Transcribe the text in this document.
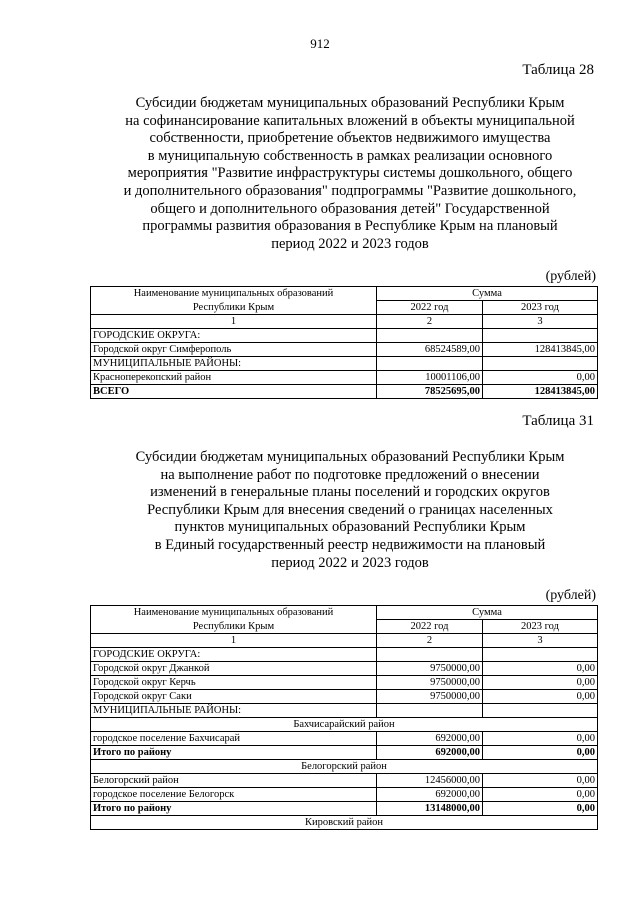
912
Таблица 28
Субсидии бюджетам муниципальных образований Республики Крым
на софинансирование капитальных вложений в объекты муниципальной
собственности, приобретение объектов недвижимого имущества
в муниципальную собственность в рамках реализации основного
мероприятия "Развитие инфраструктуры системы дошкольного, общего
и дополнительного образования" подпрограммы "Развитие дошкольного,
общего и дополнительного образования детей" Государственной
программы развития образования в Республике Крым на плановый
период 2022 и 2023 годов
(рублей)
Наименование муниципальных образований	Сумма	
Республики Крым	2022 год	2023 год
1	2	3
ГОРОДСКИЕ ОКРУГА:		
Городской округ Симферополь	68524589,00	128413845,00
МУНИЦИПАЛЬНЫЕ РАЙОНЫ:		
Красноперекопский район	10001106,00	0,00
ВСЕГО	78525695,00	128413845,00
Таблица 31
Субсидии бюджетам муниципальных образований Республики Крым
на выполнение работ по подготовке предложений о внесении
изменений в генеральные планы поселений и городских округов
Республики Крым для внесения сведений о границах населенных
пунктов муниципальных образований Республики Крым
в Единый государственный реестр недвижимости на плановый
период 2022 и 2023 годов
(рублей)
Наименование муниципальных образований	Сумма	
Республики Крым	2022 год	2023 год
1	2	3
ГОРОДСКИЕ ОКРУГА:		
Городской округ Джанкой	9750000,00	0,00
Городской округ Керчь	9750000,00	0,00
Городской округ Саки	9750000,00	0,00
МУНИЦИПАЛЬНЫЕ РАЙОНЫ:		
Бахчисарайский район		
городское поселение Бахчисарай	692000,00	0,00
Итого по району	692000,00	0,00
Белогорский район		
Белогорский район	12456000,00	0,00
городское поселение Белогорск	692000,00	0,00
Итого по району	13148000,00	0,00
Кировский район		
